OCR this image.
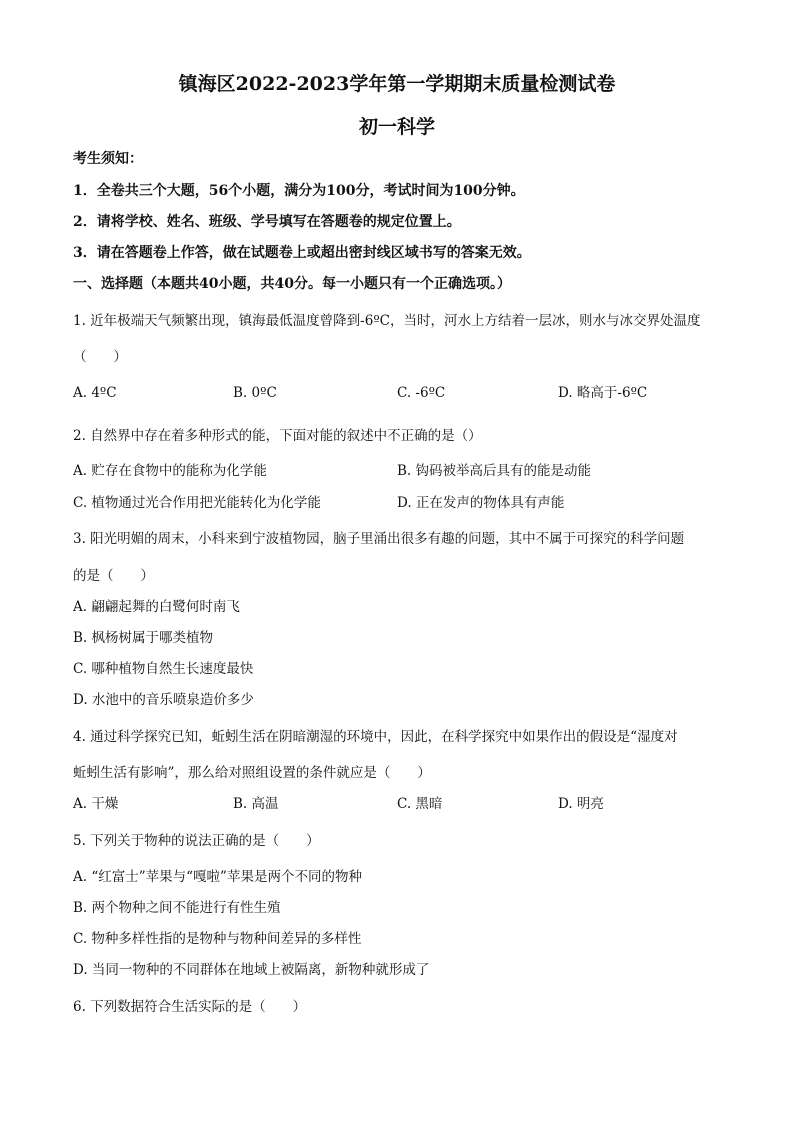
镇海区2022-2023学年第一学期期末质量检测试卷
初一科学
考生须知：
1．全卷共三个大题，56个小题，满分为100分，考试时间为100分钟。
2．请将学校、姓名、班级、学号填写在答题卷的规定位置上。
3．请在答题卷上作答，做在试题卷上或超出密封线区域书写的答案无效。
一、选择题（本题共40小题，共40分。每一小题只有一个正确选项。）
1. 近年极端天气频繁出现，镇海最低温度曾降到-6ºC，当时，河水上方结着一层冰，则水与冰交界处温度
（　　）
A. 4ºC	B. 0ºC	C. -6ºC	D. 略高于-6ºC
2. 自然界中存在着多种形式的能，下面对能的叙述中不正确的是（）
A. 贮存在食物中的能称为化学能	B. 钩码被举高后具有的能是动能
C. 植物通过光合作用把光能转化为化学能	D. 正在发声的物体具有声能
3. 阳光明媚的周末，小科来到宁波植物园，脑子里涌出很多有趣的问题，其中不属于可探究的科学问题
的是（　　）
A. 翩翩起舞的白鹭何时南飞
B. 枫杨树属于哪类植物
C. 哪种植物自然生长速度最快
D. 水池中的音乐喷泉造价多少
4. 通过科学探究已知，蚯蚓生活在阴暗潮湿的环境中，因此，在科学探究中如果作出的假设是“湿度对
蚯蚓生活有影响”，那么给对照组设置的条件就应是（　　）
A. 干燥	B. 高温	C. 黑暗	D. 明亮
5. 下列关于物种的说法正确的是（　　）
A. “红富士”苹果与“嘎啦”苹果是两个不同的物种
B. 两个物种之间不能进行有性生殖
C. 物种多样性指的是物种与物种间差异的多样性
D. 当同一物种的不同群体在地域上被隔离，新物种就形成了
6. 下列数据符合生活实际的是（　　）
